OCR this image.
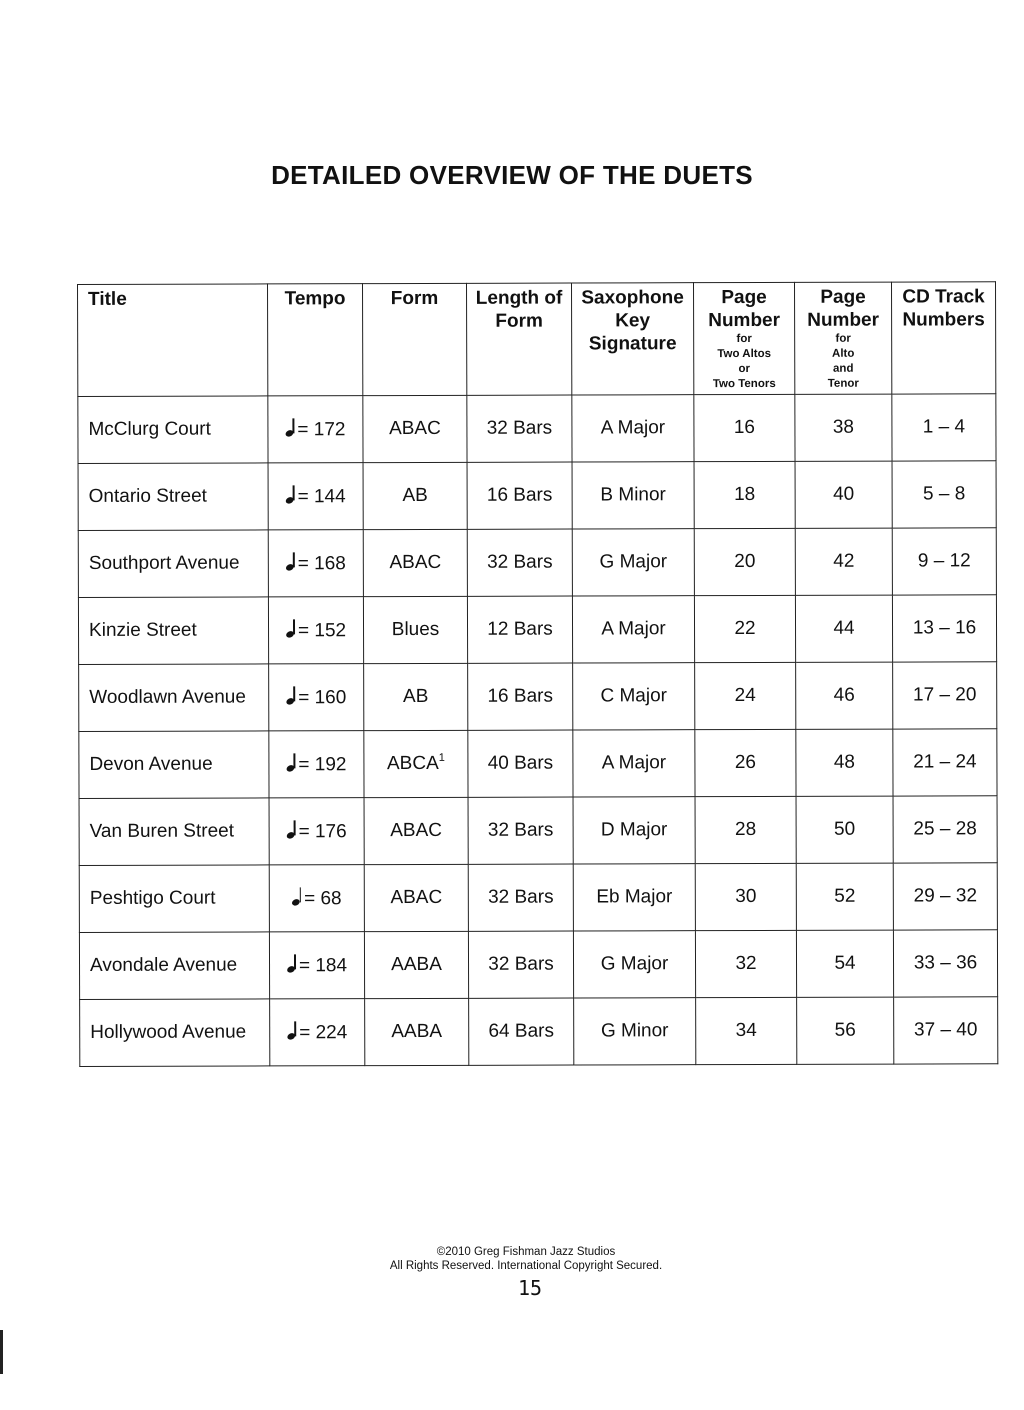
DETAILED OVERVIEW OF THE DUETS
Title	Tempo	Form	Length of Form	Saxophone Key Signature	Page Number
for
Two Altos
or
Two Tenors	Page Number
for
Alto
and
Tenor	CD Track Numbers
McClurg Court	= 172	ABAC	32 Bars	A Major	16	38	1 – 4
Ontario Street	= 144	AB	16 Bars	B Minor	18	40	5 – 8
Southport Avenue	= 168	ABAC	32 Bars	G Major	20	42	9 – 12
Kinzie Street	= 152	Blues	12 Bars	A Major	22	44	13 – 16
Woodlawn Avenue	= 160	AB	16 Bars	C Major	24	46	17 – 20
Devon Avenue	= 192	ABCA$^1$	40 Bars	A Major	26	48	21 – 24
Van Buren Street	= 176	ABAC	32 Bars	D Major	28	50	25 – 28
Peshtigo Court	= 68	ABAC	32 Bars	Eb Major	30	52	29 – 32
Avondale Avenue	= 184	AABA	32 Bars	G Major	32	54	33 – 36
Hollywood Avenue	= 224	AABA	64 Bars	G Minor	34	56	37 – 40
©2010 Greg Fishman Jazz Studios
All Rights Reserved. International Copyright Secured.
15
